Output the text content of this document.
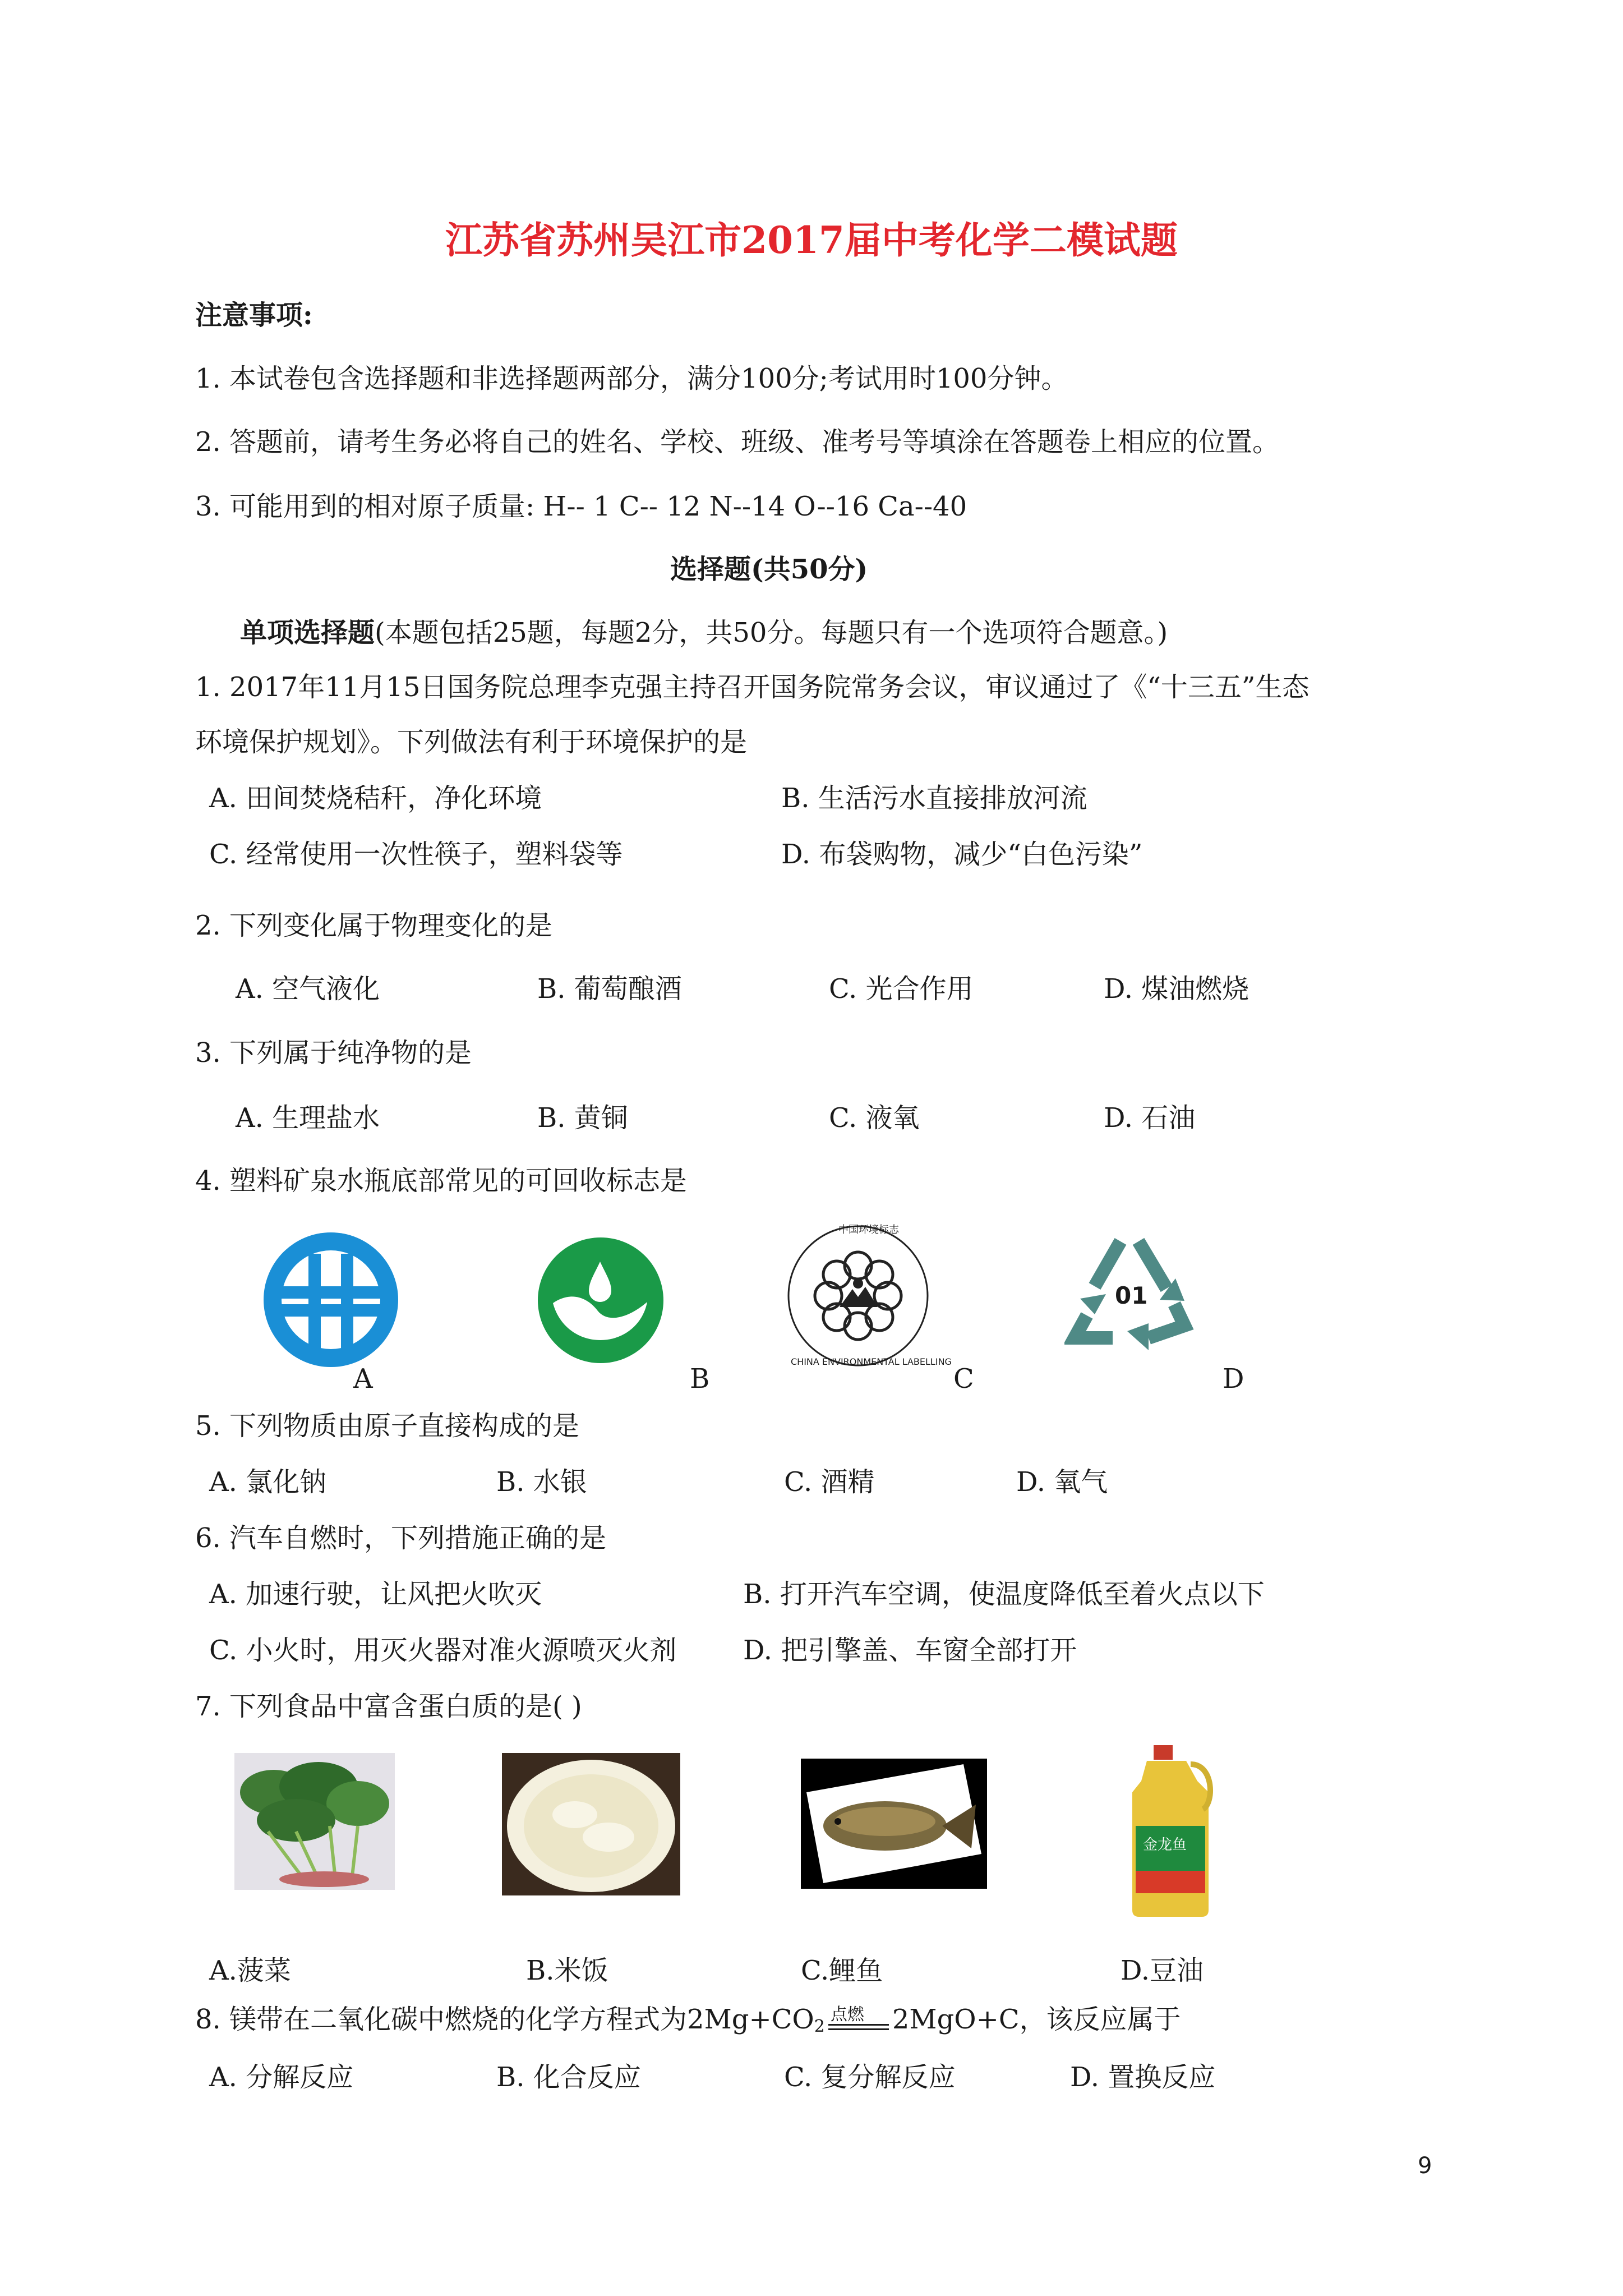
江苏省苏州吴江市2017届中考化学二模试题
注意事项:
1. 本试卷包含选择题和非选择题两部分，满分100分;考试用时100分钟。
2. 答题前，请考生务必将自己的姓名、学校、班级、准考号等填涂在答题卷上相应的位置。
3. 可能用到的相对原子质量: H-- 1 C-- 12 N--14 O--16 Ca--40
选择题(共50分)
单项选择题(本题包括25题，每题2分，共50分。每题只有一个选项符合题意。)
1. 2017年11月15日国务院总理李克强主持召开国务院常务会议，审议通过了《“十三五”生态
环境保护规划》。下列做法有利于环境保护的是
A. 田间焚烧秸秆，净化环境	B. 生活污水直接排放河流
C. 经常使用一次性筷子，塑料袋等	D. 布袋购物，减少“白色污染”
2. 下列变化属于物理变化的是
A. 空气液化	B. 葡萄酿酒	C. 光合作用	D. 煤油燃烧
3. 下列属于纯净物的是
A. 生理盐水	B. 黄铜	C. 液氧	D. 石油
4. 塑料矿泉水瓶底部常见的可回收标志是
A	B
中国环境标志
CHINA ENVIRONMENTAL LABELLING
C
01
D
5. 下列物质由原子直接构成的是
A. 氯化钠	B. 水银	C. 酒精	D. 氧气
6. 汽车自燃时，下列措施正确的是
A. 加速行驶，让风把火吹灭	B. 打开汽车空调，使温度降低至着火点以下
C. 小火时，用灭火器对准火源喷灭火剂 D. 把引擎盖、车窗全部打开
7. 下列食品中富含蛋白质的是( )
金龙鱼
A.菠菜	B.米饭	C.鲤鱼	D.豆油
8. 镁带在二氧化碳中燃烧的化学方程式为$2Mg+CO_2$
点燃 2MgO+C，该反应属于
A. 分解反应	B. 化合反应	C. 复分解反应	D. 置换反应
9
